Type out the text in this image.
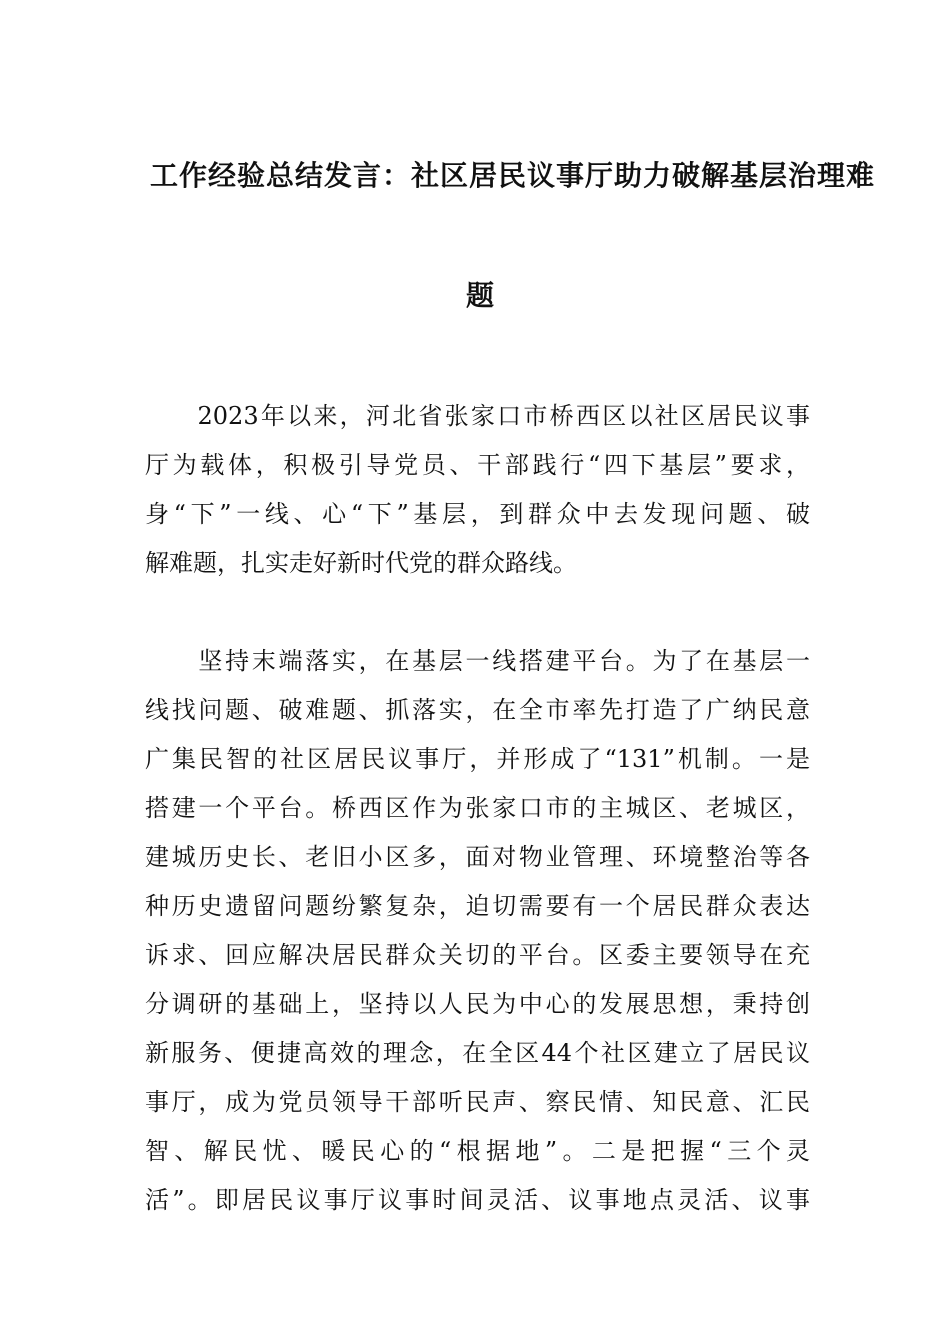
工作经验总结发言：社区居民议事厅助力破解基层治理难
题
　　2023年以来，河北省张家口市桥西区以社区居民议事
厅为载体，积极引导党员、干部践行“四下基层”要求，
身“下”一线、心“下”基层，到群众中去发现问题、破
解难题，扎实走好新时代党的群众路线。
　　坚持末端落实，在基层一线搭建平台。为了在基层一
线找问题、破难题、抓落实，在全市率先打造了广纳民意
广集民智的社区居民议事厅，并形成了“131”机制。一是
搭建一个平台。桥西区作为张家口市的主城区、老城区，
建城历史长、老旧小区多，面对物业管理、环境整治等各
种历史遗留问题纷繁复杂，迫切需要有一个居民群众表达
诉求、回应解决居民群众关切的平台。区委主要领导在充
分调研的基础上，坚持以人民为中心的发展思想，秉持创
新服务、便捷高效的理念，在全区44个社区建立了居民议
事厅，成为党员领导干部听民声、察民情、知民意、汇民
智、解民忧、暖民心的“根据地”。二是把握“三个灵
活”。即居民议事厅议事时间灵活、议事地点灵活、议事
